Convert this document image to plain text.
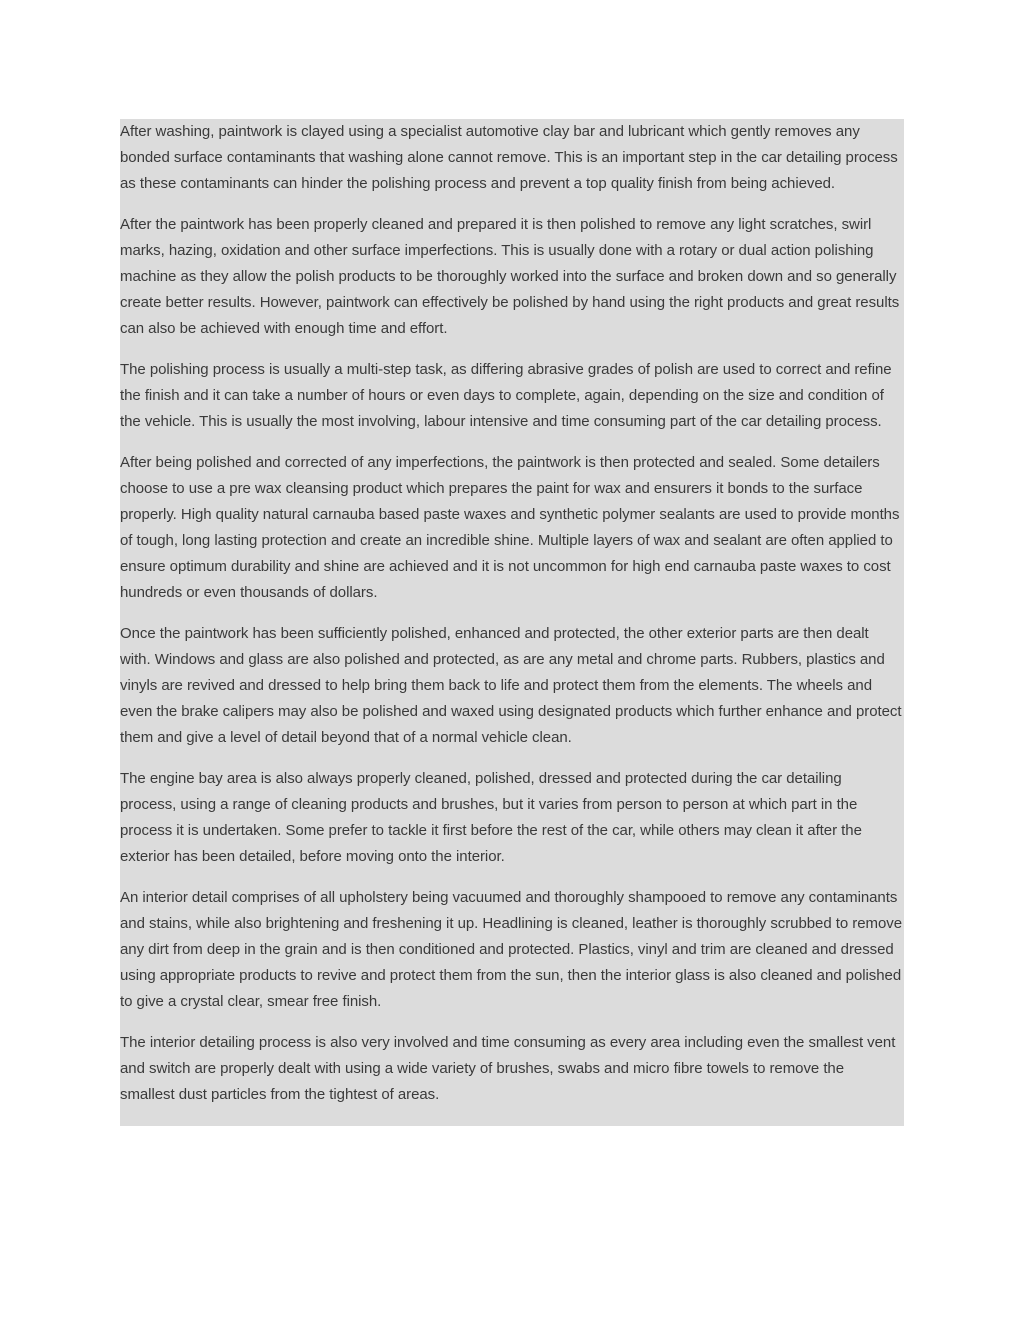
After washing, paintwork is clayed using a specialist automotive clay bar and lubricant which gently removes any bonded surface contaminants that washing alone cannot remove. This is an important step in the car detailing process as these contaminants can hinder the polishing process and prevent a top quality finish from being achieved.

After the paintwork has been properly cleaned and prepared it is then polished to remove any light scratches, swirl marks, hazing, oxidation and other surface imperfections. This is usually done with a rotary or dual action polishing machine as they allow the polish products to be thoroughly worked into the surface and broken down and so generally create better results. However, paintwork can effectively be polished by hand using the right products and great results can also be achieved with enough time and effort.

The polishing process is usually a multi-step task, as differing abrasive grades of polish are used to correct and refine the finish and it can take a number of hours or even days to complete, again, depending on the size and condition of the vehicle. This is usually the most involving, labour intensive and time consuming part of the car detailing process.

After being polished and corrected of any imperfections, the paintwork is then protected and sealed. Some detailers choose to use a pre wax cleansing product which prepares the paint for wax and ensurers it bonds to the surface properly. High quality natural carnauba based paste waxes and synthetic polymer sealants are used to provide months of tough, long lasting protection and create an incredible shine. Multiple layers of wax and sealant are often applied to ensure optimum durability and shine are achieved and it is not uncommon for high end carnauba paste waxes to cost hundreds or even thousands of dollars.

Once the paintwork has been sufficiently polished, enhanced and protected, the other exterior parts are then dealt with. Windows and glass are also polished and protected, as are any metal and chrome parts. Rubbers, plastics and vinyls are revived and dressed to help bring them back to life and protect them from the elements. The wheels and even the brake calipers may also be polished and waxed using designated products which further enhance and protect them and give a level of detail beyond that of a normal vehicle clean.

The engine bay area is also always properly cleaned, polished, dressed and protected during the car detailing process, using a range of cleaning products and brushes, but it varies from person to person at which part in the process it is undertaken. Some prefer to tackle it first before the rest of the car, while others may clean it after the exterior has been detailed, before moving onto the interior.

An interior detail comprises of all upholstery being vacuumed and thoroughly shampooed to remove any contaminants and stains, while also brightening and freshening it up. Headlining is cleaned, leather is thoroughly scrubbed to remove any dirt from deep in the grain and is then conditioned and protected. Plastics, vinyl and trim are cleaned and dressed using appropriate products to revive and protect them from the sun, then the interior glass is also cleaned and polished to give a crystal clear, smear free finish.

The interior detailing process is also very involved and time consuming as every area including even the smallest vent and switch are properly dealt with using a wide variety of brushes, swabs and micro fibre towels to remove the smallest dust particles from the tightest of areas.
